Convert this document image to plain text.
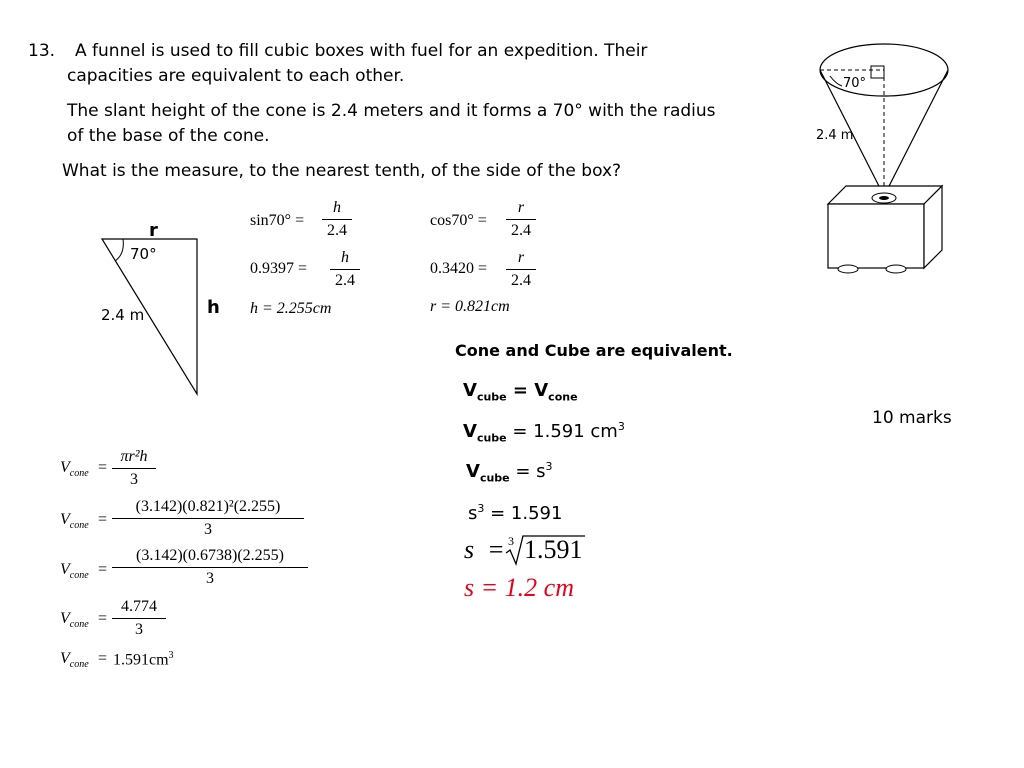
13. A funnel is used to fill cubic boxes with fuel for an expedition. Their
capacities are equivalent to each other.
The slant height of the cone is 2.4 meters and it forms a 70° with the radius
of the base of the cone.
What is the measure, to the nearest tenth, of the side of the box?
70°
2.4 m
r
70°
2.4 m	h
sin70° =
h
2.4
0.9397 =
h
2.4
h = 2.255cm
cos70° =
r
2.4
0.3420 =
r
2.4
r = 0.821cm
Cone and Cube are equivalent.
10 marks
$V_{cube} = V_{cone}$
$V_{cube} = 1.591$ $cm^3$
$V_{cube} = s^3$
$s^3 = 1.591$
s  = 3 1.591
s = 1.2 cm
$V_{cone}$ =
πr²h
3
$V_{cone}$ =
(3.142)(0.821)²(2.255)
3
$V_{cone}$ =
(3.142)(0.6738)(2.255)
3
$V_{cone}$ =
4.774
3
$V_{cone} = 1.591cm^3$
